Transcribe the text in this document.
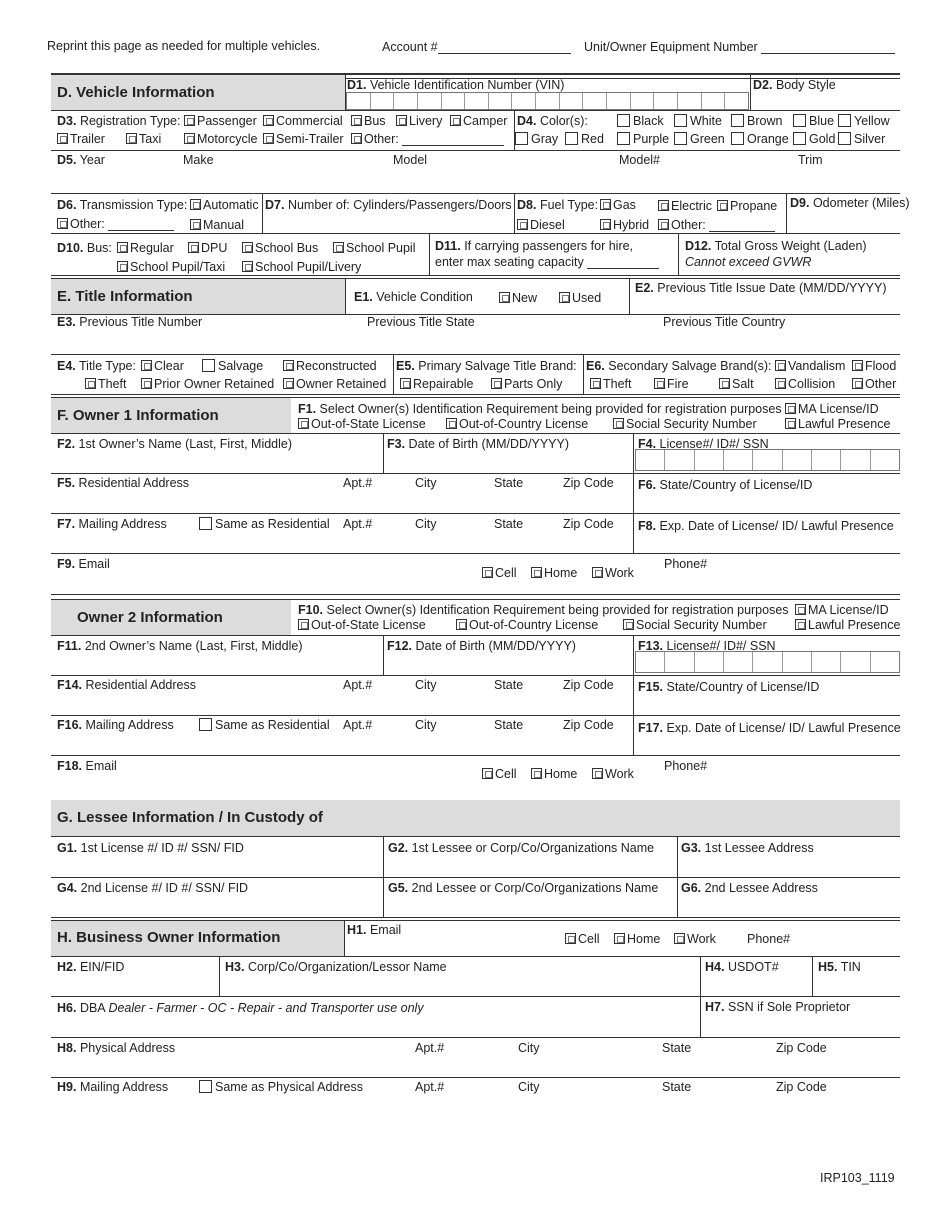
Reprint this page as needed for multiple vehicles.	Account #	Unit/Owner Equipment Number
D. Vehicle Information	D1. Vehicle Identification Number (VIN)	D2. Body Style
D3. Registration Type:	Passenger	Commercial	Bus	Livery	Camper
Trailer	Taxi	Motorcycle	Semi-Trailer	Other:
D4. Color(s):	Black	White	Brown	Blue	Yellow
Gray	Red	Purple	Green	Orange	Gold	Silver
D5. Year	Make	Model	Model#	Trim
D6. Transmission Type:	Automatic
Other:	Manual
D7. Number of: Cylinders/Passengers/Doors D8. Fuel Type:	Gas	Electric	Propane
Diesel	Hybrid	Other:
D9. Odometer (Miles)
D10. Bus:	Regular	DPU	School Bus	School Pupil
School Pupil/Taxi	School Pupil/Livery
D11. If carrying passengers for hire,
enter max seating capacity
D12. Total Gross Weight (Laden)
Cannot exceed GVWR
E. Title Information	E1. Vehicle Condition	New	Used
E2. Previous Title Issue Date (MM/DD/YYYY)
E3. Previous Title Number	Previous Title State	Previous Title Country
E4. Title Type:	Clear	Salvage	Reconstructed
Theft	Prior Owner Retained	Owner Retained
E5. Primary Salvage Title Brand:
Repairable	Parts Only
E6. Secondary Salvage Brand(s):	Vandalism	Flood
Theft	Fire	Salt	Collision	Other
F. Owner 1 Information	F1. Select Owner(s) Identification Requirement being provided for registration purposes	MA License/ID
Out-of-State License	Out-of-Country License	Social Security Number	Lawful Presence
F2. 1st Owner’s Name (Last, First, Middle)	F3. Date of Birth (MM/DD/YYYY)	F4. License#/ ID#/ SSN
F5. Residential Address	Apt.#	City	State	Zip Code F6. State/Country of License/ID
F7. Mailing Address	Same as Residential Apt.#	City	State	Zip Code F8. Exp. Date of License/ ID/ Lawful Presence
F9. Email
Cell	Home	Work
Phone#
Owner 2 Information	F10. Select Owner(s) Identification Requirement being provided for registration purposes	MA License/ID
Out-of-State License	Out-of-Country License	Social Security Number	Lawful Presence
F11. 2nd Owner’s Name (Last, First, Middle)	F12. Date of Birth (MM/DD/YYYY)	F13. License#/ ID#/ SSN
F14. Residential Address	Apt.#	City	State	Zip Code F15. State/Country of License/ID
F16. Mailing Address	Same as Residential Apt.#	City	State	Zip Code F17. Exp. Date of License/ ID/ Lawful Presence
F18. Email
Cell	Home	Work
Phone#
G. Lessee Information / In Custody of
G1. 1st License #/ ID #/ SSN/ FID	G2. 1st Lessee or Corp/Co/Organizations Name G3. 1st Lessee Address
G4. 2nd License #/ ID #/ SSN/ FID	G5. 2nd Lessee or Corp/Co/Organizations Name G6. 2nd Lessee Address
H. Business Owner Information	H1. Email
Cell	Home	Work Phone#
H2. EIN/FID	H3. Corp/Co/Organization/Lessor Name	H4. USDOT#	H5. TIN
H6. DBA Dealer - Farmer - OC - Repair - and Transporter use only	H7. SSN if Sole Proprietor
H8. Physical Address	Apt.#	City	State	Zip Code
H9. Mailing Address	Same as Physical Address	Apt.#	City	State	Zip Code
IRP103_1119
